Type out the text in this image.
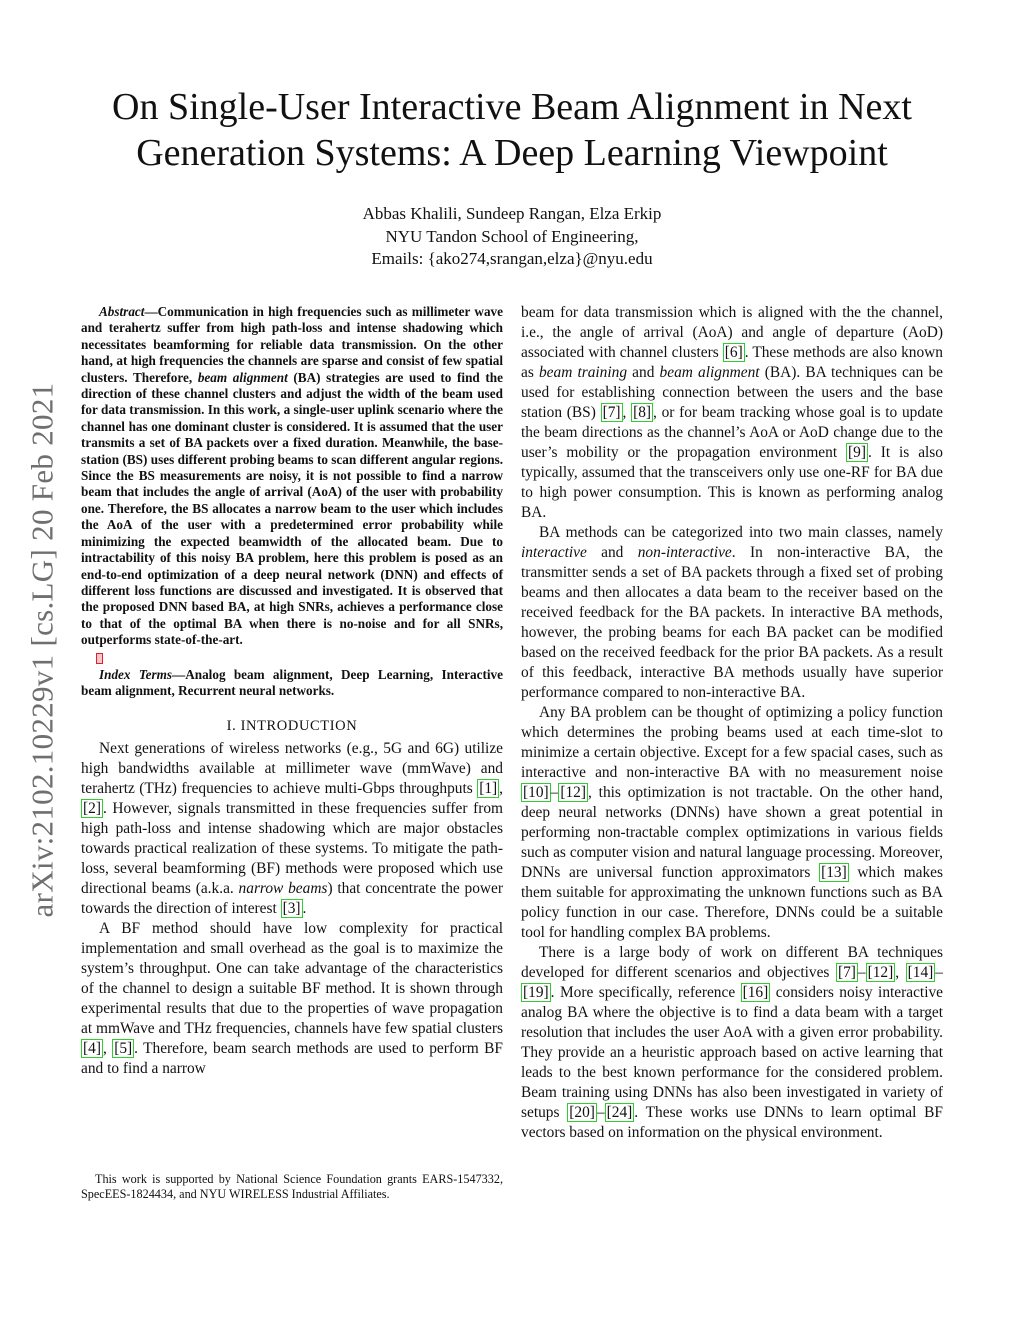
arXiv:2102.10229v1 [cs.LG] 20 Feb 2021
On Single-User Interactive Beam Alignment in Next
Generation Systems: A Deep Learning Viewpoint
Abbas Khalili, Sundeep Rangan, Elza Erkip
NYU Tandon School of Engineering,
Emails: {ako274,srangan,elza}@nyu.edu

Abstract—Communication in high frequencies such as millimeter wave and terahertz suffer from high path-loss and intense shadowing which necessitates beamforming for reliable data transmission. On the other hand, at high frequencies the channels are sparse and consist of few spatial clusters. Therefore, beam alignment (BA) strategies are used to find the direction of these channel clusters and adjust the width of the beam used for data transmission. In this work, a single-user uplink scenario where the channel has one dominant cluster is considered. It is assumed that the user transmits a set of BA packets over a fixed duration. Meanwhile, the base-station (BS) uses different probing beams to scan different angular regions. Since the BS measurements are noisy, it is not possible to find a narrow beam that includes the angle of arrival (AoA) of the user with probability one. Therefore, the BS allocates a narrow beam to the user which includes the AoA of the user with a predetermined error probability while minimizing the expected beamwidth of the allocated beam. Due to intractability of this noisy BA problem, here this problem is posed as an end-to-end optimization of a deep neural network (DNN) and effects of different loss functions are discussed and investigated. It is observed that the proposed DNN based BA, at high SNRs, achieves a performance close to that of the optimal BA when there is no-noise and for all SNRs, outperforms state-of-the-art.

Index Terms—Analog beam alignment, Deep Learning, Interactive beam alignment, Recurrent neural networks.

I. INTRODUCTION

Next generations of wireless networks (e.g., 5G and 6G) utilize high bandwidths available at millimeter wave (mmWave) and terahertz (THz) frequencies to achieve multi-Gbps throughputs [1] , [2] . However, signals transmitted in these frequencies suffer from high path-loss and intense shadowing which are major obstacles towards practical realization of these systems. To mitigate the path-loss, several beamforming (BF) methods were proposed which use directional beams (a.k.a. narrow beams) that concentrate the power towards the direction of interest [3] .

A BF method should have low complexity for practical implementation and small overhead as the goal is to maximize the system’s throughput. One can take advantage of the characteristics of the channel to design a suitable BF method. It is shown through experimental results that due to the properties of wave propagation at mmWave and THz frequencies, channels have few spatial clusters [4] , [5] . Therefore, beam search methods are used to perform BF and to find a narrow

This work is supported by National Science Foundation grants EARS-1547332, SpecEES-1824434, and NYU WIRELESS Industrial Affiliates.

beam for data transmission which is aligned with the the channel, i.e., the angle of arrival (AoA) and angle of departure (AoD) associated with channel clusters [6] . These methods are also known as beam training and beam alignment (BA). BA techniques can be used for establishing connection between the users and the base station (BS) [7] , [8] , or for beam tracking whose goal is to update the beam directions as the channel’s AoA or AoD change due to the user’s mobility or the propagation environment [9] . It is also typically, assumed that the transceivers only use one-RF for BA due to high power consumption. This is known as performing analog BA.

BA methods can be categorized into two main classes, namely interactive and non-interactive. In non-interactive BA, the transmitter sends a set of BA packets through a fixed set of probing beams and then allocates a data beam to the receiver based on the received feedback for the BA packets. In interactive BA methods, however, the probing beams for each BA packet can be modified based on the received feedback for the prior BA packets. As a result of this feedback, interactive BA methods usually have superior performance compared to non-interactive BA.

Any BA problem can be thought of optimizing a policy function which determines the probing beams used at each time-slot to minimize a certain objective. Except for a few spacial cases, such as interactive and non-interactive BA with no measurement noise [10] – [12] , this optimization is not tractable. On the other hand, deep neural networks (DNNs) have shown a great potential in performing non-tractable complex optimizations in various fields such as computer vision and natural language processing. Moreover, DNNs are universal function approximators [13] which makes them suitable for approximating the unknown functions such as BA policy function in our case. Therefore, DNNs could be a suitable tool for handling complex BA problems.

There is a large body of work on different BA techniques developed for different scenarios and objectives [7] – [12] , [14] –[19] . More specifically, reference [16] considers noisy interactive analog BA where the objective is to find a data beam with a target resolution that includes the user AoA with a given error probability. They provide an a heuristic approach based on active learning that leads to the best known performance for the considered problem. Beam training using DNNs has also been investigated in variety of setups [20] – [24] . These works use DNNs to learn optimal BF vectors based on information on the physical environment.
